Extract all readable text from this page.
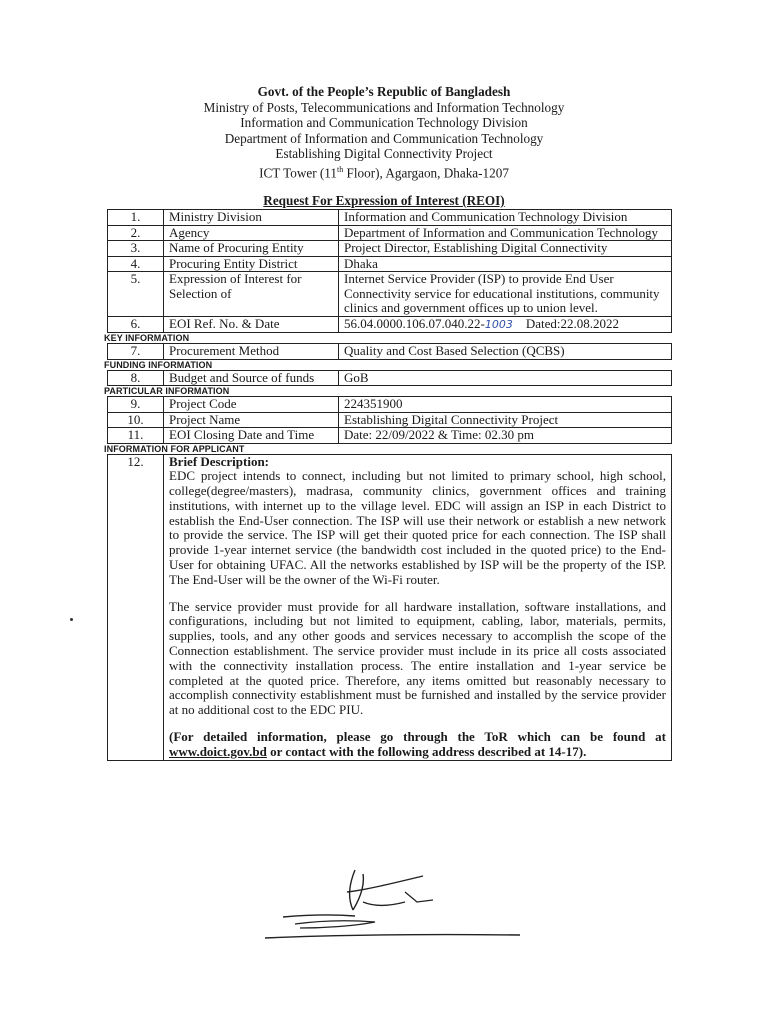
Govt. of the People’s Republic of Bangladesh
Ministry of Posts, Telecommunications and Information Technology
Information and Communication Technology Division
Department of Information and Communication Technology
Establishing Digital Connectivity Project
ICT Tower (11th Floor), Agargaon, Dhaka-1207
Request For Expression of Interest (REOI)
1.	Ministry Division	Information and Communication Technology Division
2.	Agency	Department of Information and Communication Technology
3.	Name of Procuring Entity	Project Director, Establishing Digital Connectivity
4.	Procuring Entity District	Dhaka
5.	Expression of Interest for Selection of	Internet Service Provider (ISP) to provide End User Connectivity service for educational institutions, community clinics and government offices up to union level.
6.	EOI Ref. No. & Date	56.04.0000.106.07.040.22-1003 Dated:22.08.2022
KEY INFORMATION
7.	Procurement Method	Quality and Cost Based Selection (QCBS)
FUNDING INFORMATION
8.	Budget and Source of funds	GoB
PARTICULAR INFORMATION
9.	Project Code	224351900
10.	Project Name	Establishing Digital Connectivity Project
11.	EOI Closing Date and Time	Date: 22/09/2022 & Time: 02.30 pm
INFORMATION FOR APPLICANT
12.	Brief Description:

EDC project intends to connect, including but not limited to primary school, high school, college(degree/masters), madrasa, community clinics, government offices and training institutions, with internet up to the village level. EDC will assign an ISP in each District to establish the End-User connection. The ISP will use their network or establish a new network to provide the service. The ISP will get their quoted price for each connection. The ISP shall provide 1-year internet service (the bandwidth cost included in the quoted price) to the End-User for obtaining UFAC. All the networks established by ISP will be the property of the ISP. The End-User will be the owner of the Wi-Fi router.

The service provider must provide for all hardware installation, software installations, and configurations, including but not limited to equipment, cabling, labor, materials, permits, supplies, tools, and any other goods and services necessary to accomplish the scope of the Connection establishment. The service provider must include in its price all costs associated with the connectivity installation process. The entire installation and 1-year service be completed at the quoted price. Therefore, any items omitted but reasonably necessary to accomplish connectivity establishment must be furnished and installed by the service provider at no additional cost to the EDC PIU.

(For detailed information, please go through the ToR which can be found at www.doict.gov.bd or contact with the following address described at 14-17).
